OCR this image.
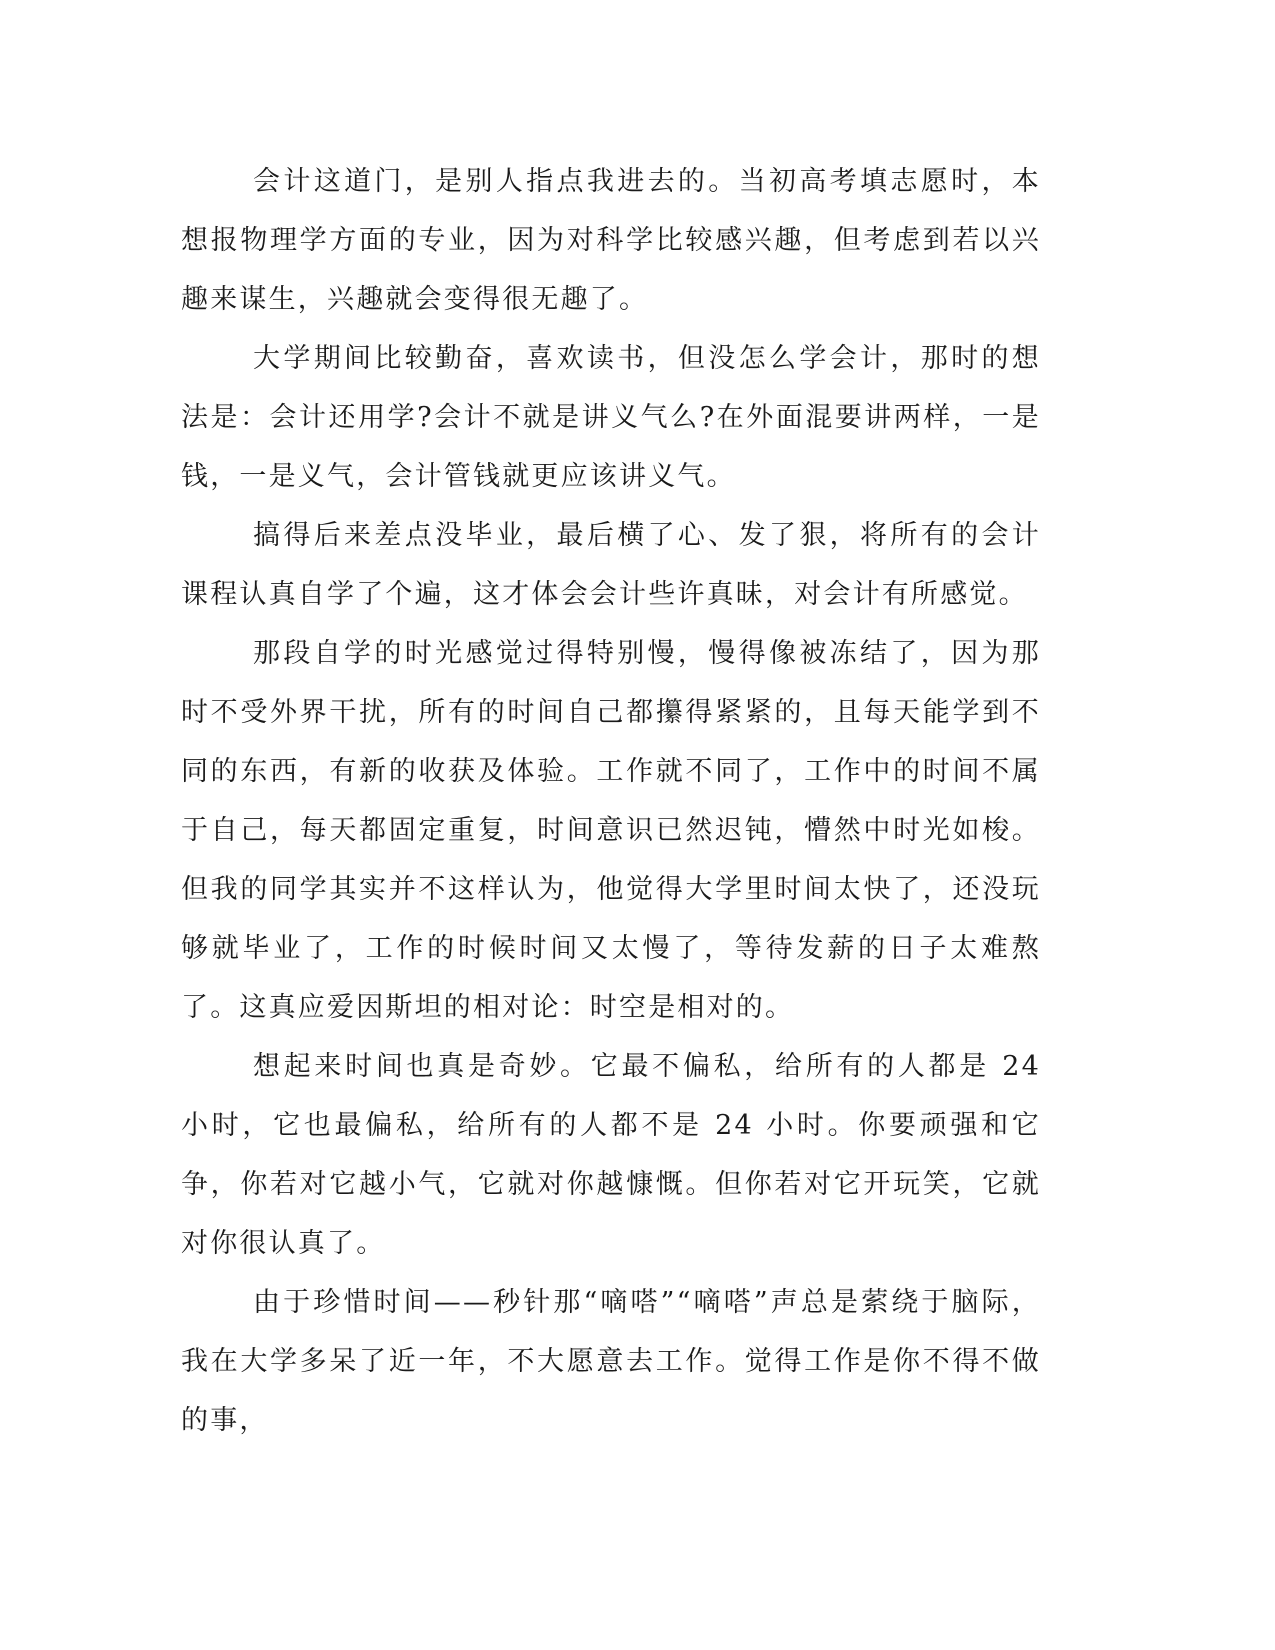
会计这道门，是别人指点我进去的。当初高考填志愿时，本想报物理学方面的专业，因为对科学比较感兴趣，但考虑到若以兴趣来谋生，兴趣就会变得很无趣了。

大学期间比较勤奋，喜欢读书，但没怎么学会计，那时的想法是：会计还用学?会计不就是讲义气么?在外面混要讲两样，一是钱，一是义气，会计管钱就更应该讲义气。

搞得后来差点没毕业，最后横了心、发了狠，将所有的会计课程认真自学了个遍，这才体会会计些许真昧，对会计有所感觉。

那段自学的时光感觉过得特别慢，慢得像被冻结了，因为那时不受外界干扰，所有的时间自己都攥得紧紧的，且每天能学到不同的东西，有新的收获及体验。工作就不同了，工作中的时间不属于自己，每天都固定重复，时间意识已然迟钝，懵然中时光如梭。但我的同学其实并不这样认为，他觉得大学里时间太快了，还没玩够就毕业了，工作的时候时间又太慢了，等待发薪的日子太难熬了。这真应爱因斯坦的相对论：时空是相对的。

想起来时间也真是奇妙。它最不偏私，给所有的人都是 24 小时，它也最偏私，给所有的人都不是 24 小时。你要顽强和它争，你若对它越小气，它就对你越慷慨。但你若对它开玩笑，它就对你很认真了。

由于珍惜时间——秒针那“嘀嗒”“嘀嗒”声总是萦绕于脑际，我在大学多呆了近一年，不大愿意去工作。觉得工作是你不得不做的事，
